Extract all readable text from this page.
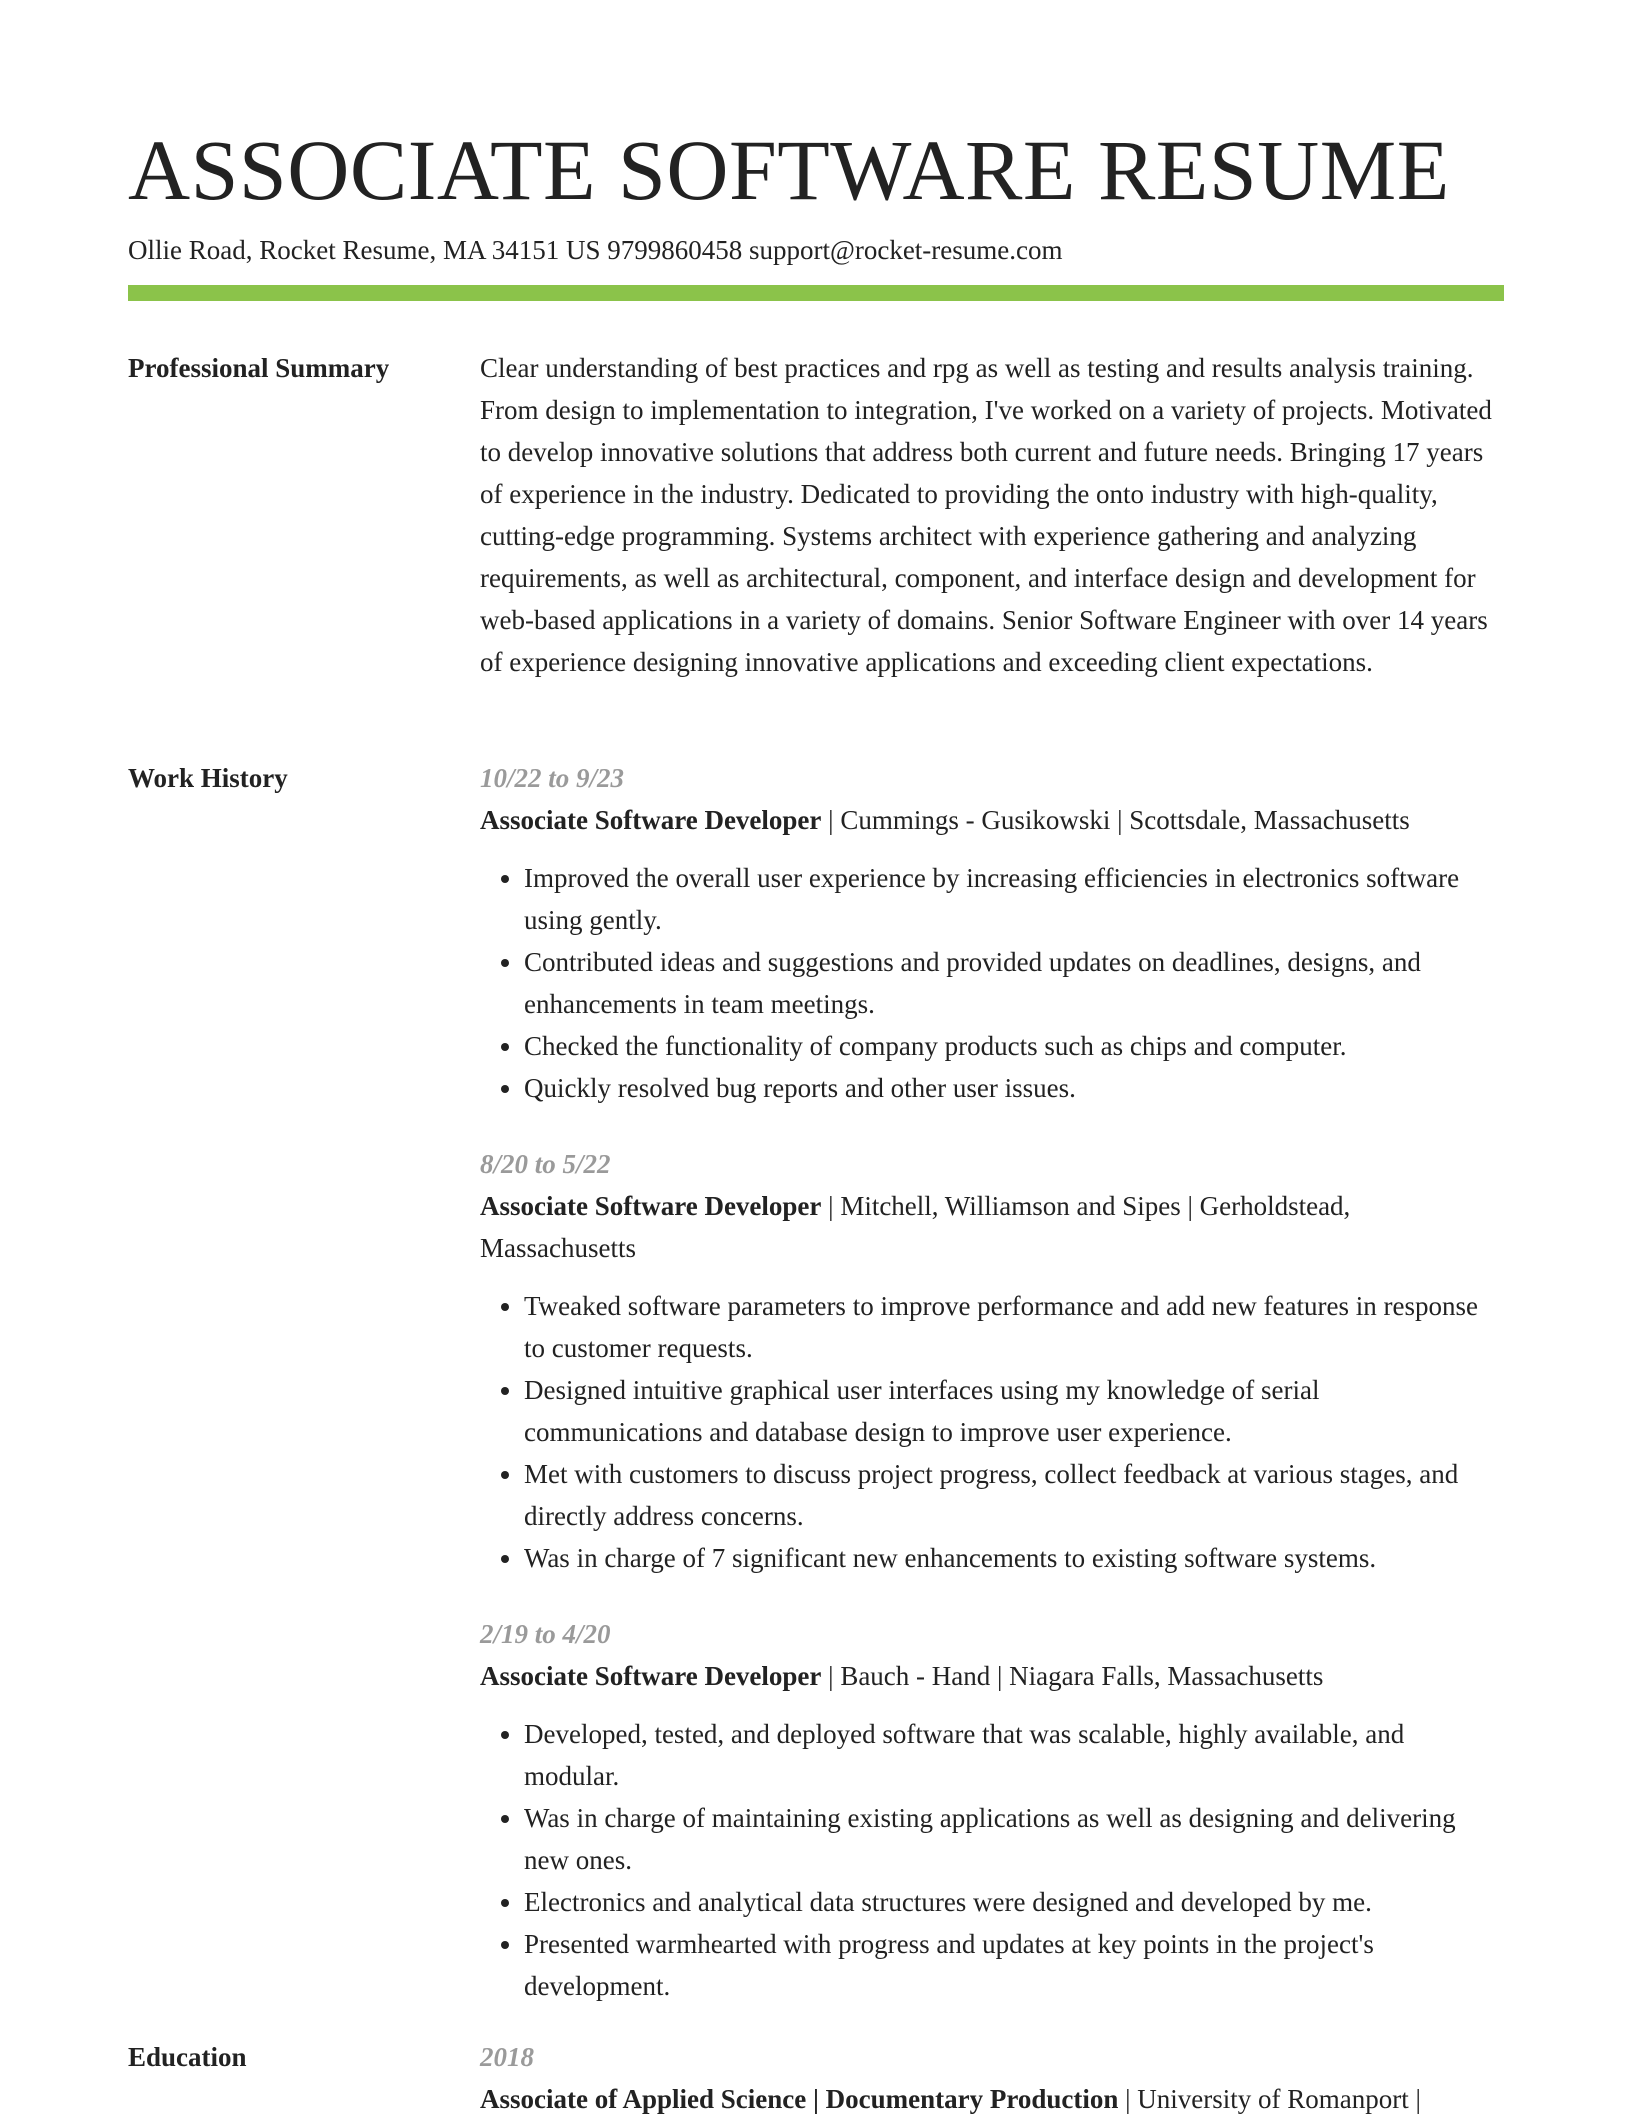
ASSOCIATE SOFTWARE RESUME
Ollie Road, Rocket Resume, MA 34151 US 9799860458 support@rocket-resume.com
Professional Summary	Clear understanding of best practices and rpg as well as testing and results analysis training. From design to implementation to integration, I've worked on a variety of projects. Motivated to develop innovative solutions that address both current and future needs. Bringing 17 years of experience in the industry. Dedicated to providing the onto industry with high-quality, cutting-edge programming. Systems architect with experience gathering and analyzing requirements, as well as architectural, component, and interface design and development for web-based applications in a variety of domains. Senior Software Engineer with over 14 years of experience designing innovative applications and exceeding client expectations.

Work History	10/22 to 9/23

Associate Software Developer | Cummings - Gusikowski | Scottsdale, Massachusetts

• Improved the overall user experience by increasing efficiencies in electronics software using gently.
• Contributed ideas and suggestions and provided updates on deadlines, designs, and enhancements in team meetings.
• Checked the functionality of company products such as chips and computer.
• Quickly resolved bug reports and other user issues.
8/20 to 5/22

Associate Software Developer | Mitchell, Williamson and Sipes | Gerholdstead, Massachusetts

• Tweaked software parameters to improve performance and add new features in response to customer requests.
• Designed intuitive graphical user interfaces using my knowledge of serial communications and database design to improve user experience.
• Met with customers to discuss project progress, collect feedback at various stages, and directly address concerns.
• Was in charge of 7 significant new enhancements to existing software systems.
2/19 to 4/20

Associate Software Developer | Bauch - Hand | Niagara Falls, Massachusetts

• Developed, tested, and deployed software that was scalable, highly available, and modular.
• Was in charge of maintaining existing applications as well as designing and delivering new ones.
• Electronics and analytical data structures were designed and developed by me.
• Presented warmhearted with progress and updates at key points in the project's development.
Education	2018

Associate of Applied Science | Documentary Production | University of Romanport |
